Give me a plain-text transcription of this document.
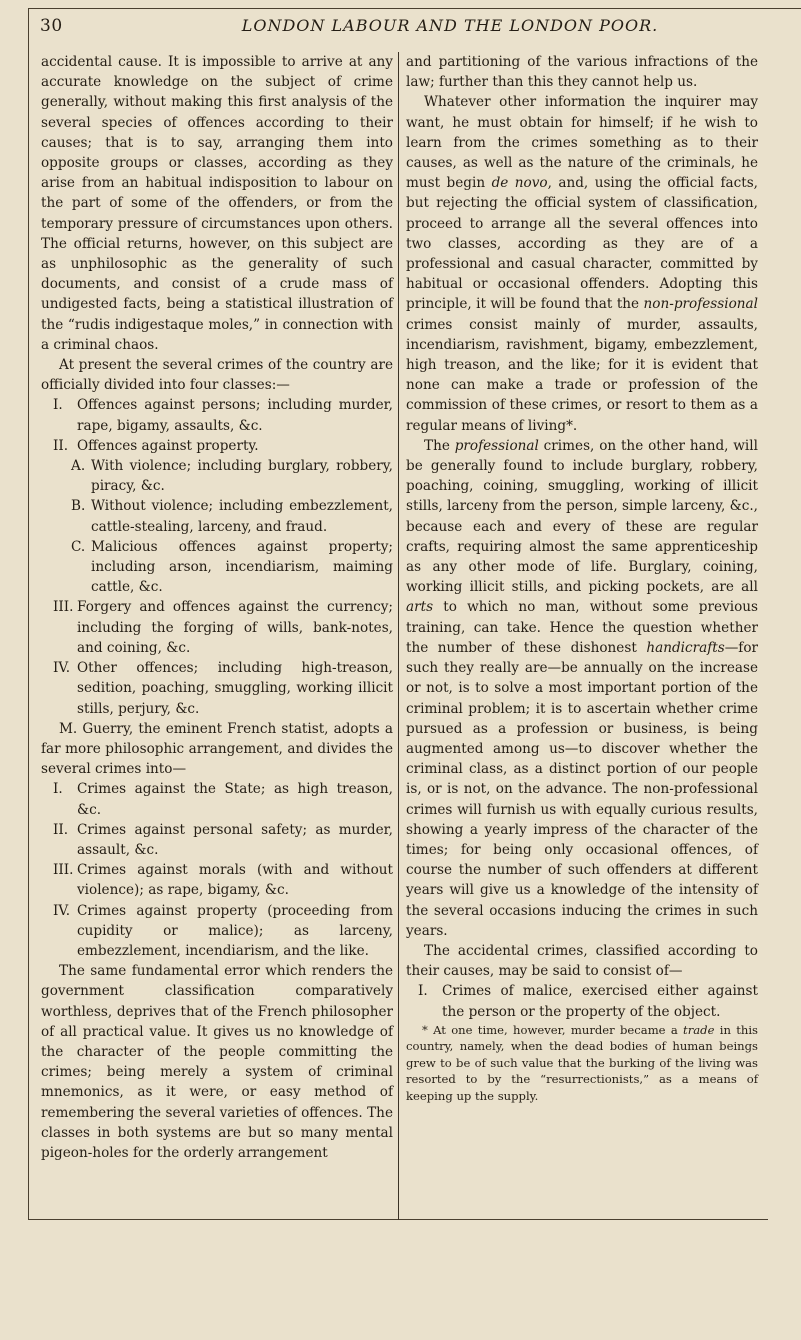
30	LONDON LABOUR AND THE LONDON POOR.

accidental cause. It is impossible to arrive at any accurate knowledge on the subject of crime generally, without making this first analysis of the several species of offences according to their causes; that is to say, arranging them into opposite groups or classes, according as they arise from an habitual indisposition to labour on the part of some of the offenders, or from the temporary pressure of circumstances upon others. The official returns, however, on this subject are as unphilosophic as the generality of such documents, and consist of a crude mass of undigested facts, being a statistical illustration of the “rudis indigestaque moles,” in connection with a criminal chaos.

At present the several crimes of the country are officially divided into four classes:—

I. Offences against persons; including murder, rape, bigamy, assaults, &c.
II. Offences against property.
A. With violence; including burglary, robbery, piracy, &c.
B. Without violence; including embezzlement, cattle-stealing, larceny, and fraud.
C. Malicious offences against property; including arson, incendiarism, maiming cattle, &c.
III. Forgery and offences against the currency; including the forging of wills, bank-notes, and coining, &c.
IV. Other offences; including high-treason, sedition, poaching, smuggling, working illicit stills, perjury, &c.

M. Guerry, the eminent French statist, adopts a far more philosophic arrangement, and divides the several crimes into—

I. Crimes against the State; as high treason, &c.
II. Crimes against personal safety; as murder, assault, &c.
III. Crimes against morals (with and without violence); as rape, bigamy, &c.
IV. Crimes against property (proceeding from cupidity or malice); as larceny, embezzlement, incendiarism, and the like.

The same fundamental error which renders the government classification comparatively worthless, deprives that of the French philosopher of all practical value. It gives us no knowledge of the character of the people committing the crimes; being merely a system of criminal mnemonics, as it were, or easy method of remembering the several varieties of offences. The classes in both systems are but so many mental pigeon-holes for the orderly arrangement

and partitioning of the various infractions of the law; further than this they cannot help us.

Whatever other information the inquirer may want, he must obtain for himself; if he wish to learn from the crimes something as to their causes, as well as the nature of the criminals, he must begin de novo, and, using the official facts, but rejecting the official system of classification, proceed to arrange all the several offences into two classes, according as they are of a professional and casual character, committed by habitual or occasional offenders. Adopting this principle, it will be found that the non-professional crimes consist mainly of murder, assaults, incendiarism, ravishment, bigamy, embezzlement, high treason, and the like; for it is evident that none can make a trade or profession of the commission of these crimes, or resort to them as a regular means of living*.

The professional crimes, on the other hand, will be generally found to include burglary, robbery, poaching, coining, smuggling, working of illicit stills, larceny from the person, simple larceny, &c., because each and every of these are regular crafts, requiring almost the same apprenticeship as any other mode of life. Burglary, coining, working illicit stills, and picking pockets, are all arts to which no man, without some previous training, can take. Hence the question whether the number of these dishonest handicrafts—for such they really are—be annually on the increase or not, is to solve a most important portion of the criminal problem; it is to ascertain whether crime pursued as a profession or business, is being augmented among us—to discover whether the criminal class, as a distinct portion of our people is, or is not, on the advance. The non-professional crimes will furnish us with equally curious results, showing a yearly impress of the character of the times; for being only occasional offences, of course the number of such offenders at different years will give us a knowledge of the intensity of the several occasions inducing the crimes in such years.

The accidental crimes, classified according to their causes, may be said to consist of—

I. Crimes of malice, exercised either against the person or the property of the object.

* At one time, however, murder became a trade in this country, namely, when the dead bodies of human beings grew to be of such value that the burking of the living was resorted to by the “resurrectionists,” as a means of keeping up the supply.
